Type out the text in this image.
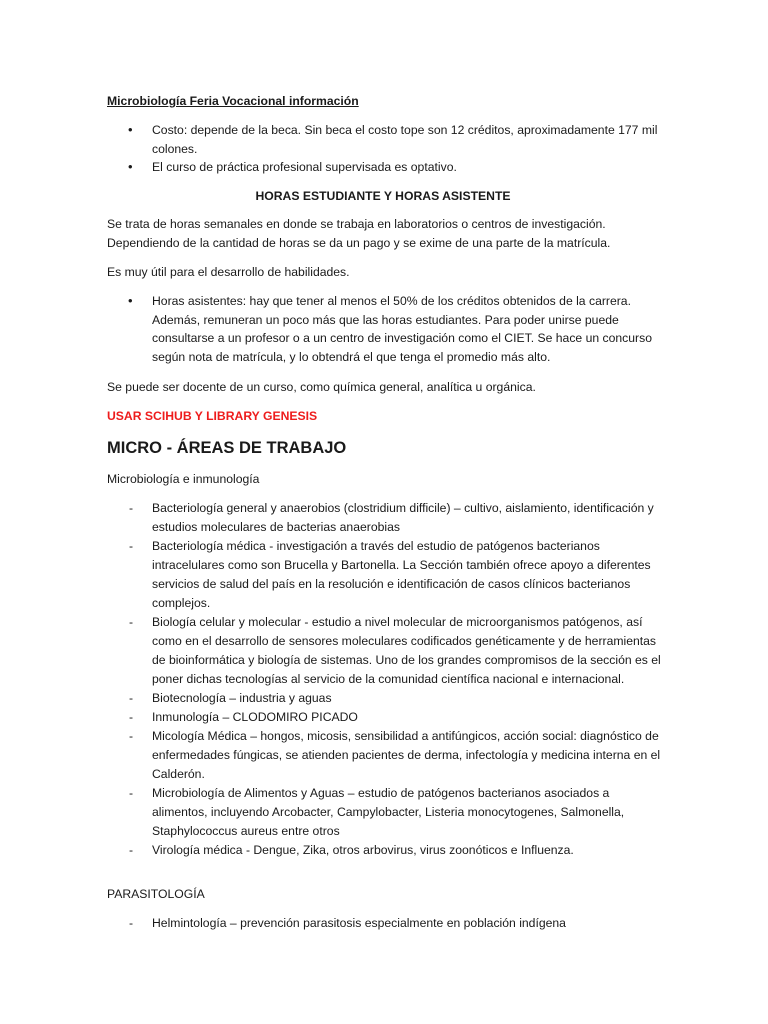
Microbiología Feria Vocacional información
• Costo: depende de la beca. Sin beca el costo tope son 12 créditos, aproximadamente 177 mil colones.
• El curso de práctica profesional supervisada es optativo.
HORAS ESTUDIANTE Y HORAS ASISTENTE
Se trata de horas semanales en donde se trabaja en laboratorios o centros de investigación. Dependiendo de la cantidad de horas se da un pago y se exime de una parte de la matrícula.
Es muy útil para el desarrollo de habilidades.
• Horas asistentes: hay que tener al menos el 50% de los créditos obtenidos de la carrera. Además, remuneran un poco más que las horas estudiantes. Para poder unirse puede consultarse a un profesor o a un centro de investigación como el CIET. Se hace un concurso según nota de matrícula, y lo obtendrá el que tenga el promedio más alto.
Se puede ser docente de un curso, como química general, analítica u orgánica.
USAR SCIHUB Y LIBRARY GENESIS
MICRO - ÁREAS DE TRABAJO
Microbiología e inmunología
- Bacteriología general y anaerobios (clostridium difficile) – cultivo, aislamiento, identificación y estudios moleculares de bacterias anaerobias
- Bacteriología médica - investigación a través del estudio de patógenos bacterianos intracelulares como son Brucella y Bartonella. La Sección también ofrece apoyo a diferentes servicios de salud del país en la resolución e identificación de casos clínicos bacterianos complejos.
- Biología celular y molecular - estudio a nivel molecular de microorganismos patógenos, así como en el desarrollo de sensores moleculares codificados genéticamente y de herramientas de bioinformática y biología de sistemas. Uno de los grandes compromisos de la sección es el poner dichas tecnologías al servicio de la comunidad científica nacional e internacional.
- Biotecnología – industria y aguas
- Inmunología – CLODOMIRO PICADO
- Micología Médica – hongos, micosis, sensibilidad a antifúngicos, acción social: diagnóstico de enfermedades fúngicas, se atienden pacientes de derma, infectología y medicina interna en el Calderón.
- Microbiología de Alimentos y Aguas – estudio de patógenos bacterianos asociados a alimentos, incluyendo Arcobacter, Campylobacter, Listeria monocytogenes, Salmonella, Staphylococcus aureus entre otros
- Virología médica - Dengue, Zika, otros arbovirus, virus zoonóticos e Influenza.
PARASITOLOGÍA
- Helmintología – prevención parasitosis especialmente en población indígena
